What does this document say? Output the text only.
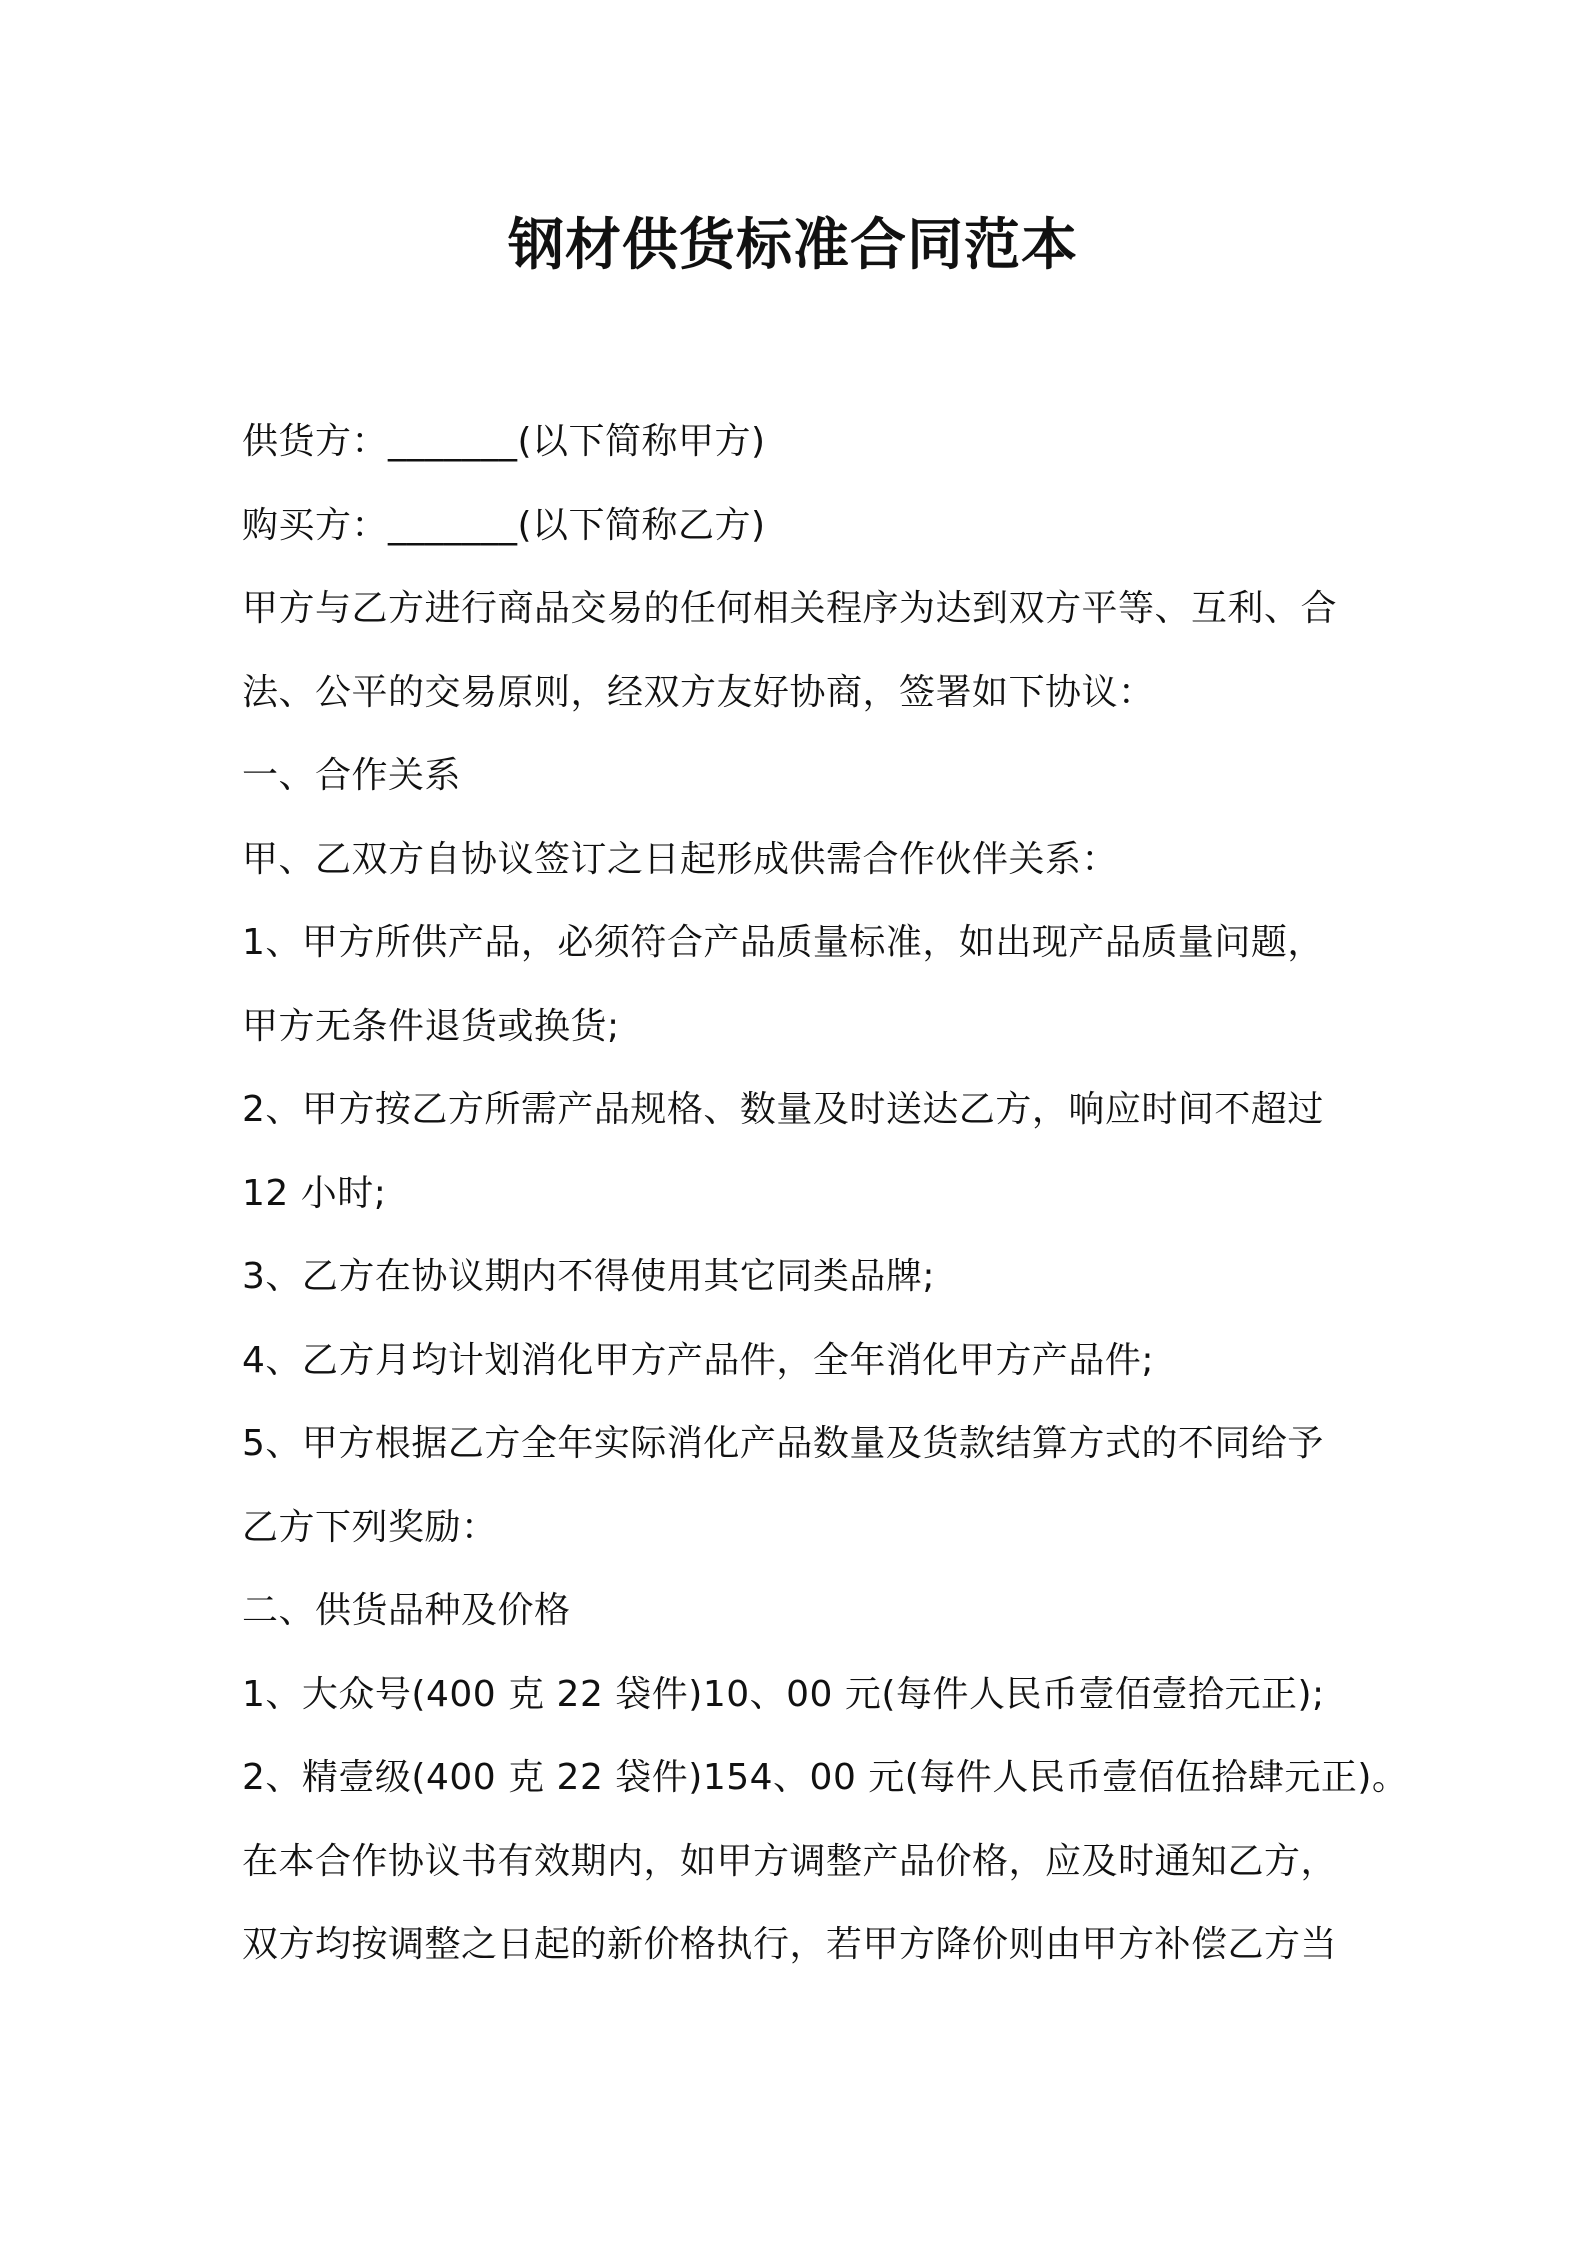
钢材供货标准合同范本
供货方：_______(以下简称甲方)
购买方：_______(以下简称乙方)
甲方与乙方进行商品交易的任何相关程序为达到双方平等、互利、合
法、公平的交易原则，经双方友好协商，签署如下协议：
一、合作关系
甲、乙双方自协议签订之日起形成供需合作伙伴关系：
1、甲方所供产品，必须符合产品质量标准，如出现产品质量问题，
甲方无条件退货或换货;
2、甲方按乙方所需产品规格、数量及时送达乙方，响应时间不超过
12 小时;
3、乙方在协议期内不得使用其它同类品牌;
4、乙方月均计划消化甲方产品件，全年消化甲方产品件;
5、甲方根据乙方全年实际消化产品数量及货款结算方式的不同给予
乙方下列奖励：
二、供货品种及价格
1、大众号(400 克 22 袋件)10、00 元(每件人民币壹佰壹拾元正);
2、精壹级(400 克 22 袋件)154、00 元(每件人民币壹佰伍拾肆元正)。
在本合作协议书有效期内，如甲方调整产品价格，应及时通知乙方，
双方均按调整之日起的新价格执行，若甲方降价则由甲方补偿乙方当
